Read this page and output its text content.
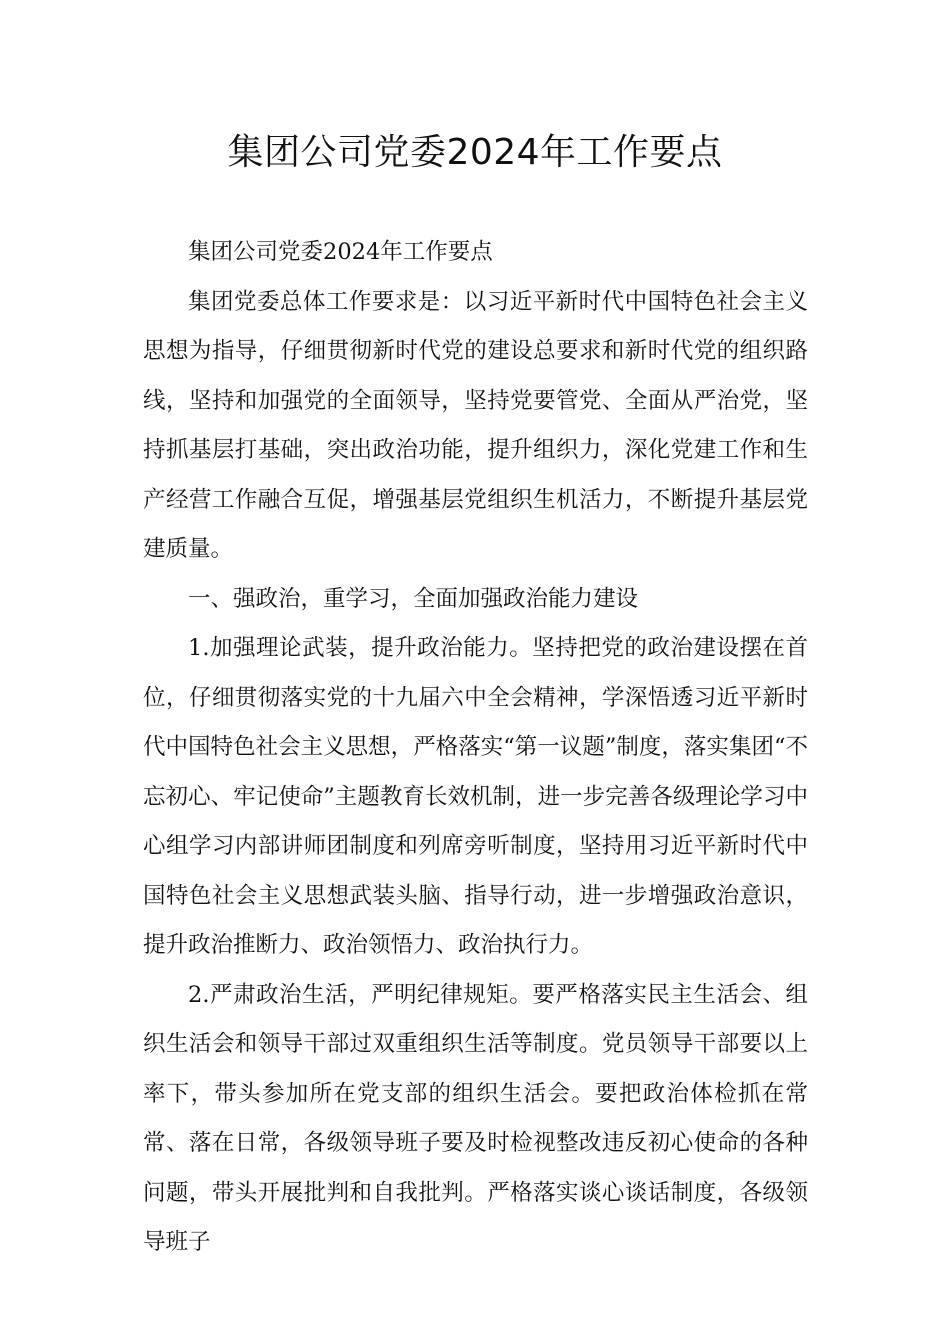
集团公司党委2024年工作要点

集团公司党委2024年工作要点

集团党委总体工作要求是：以习近平新时代中国特色社会主义思想为指导，仔细贯彻新时代党的建设总要求和新时代党的组织路线，坚持和加强党的全面领导，坚持党要管党、全面从严治党，坚持抓基层打基础，突出政治功能，提升组织力，深化党建工作和生产经营工作融合互促，增强基层党组织生机活力，不断提升基层党建质量。

一、强政治，重学习，全面加强政治能力建设

1.加强理论武装，提升政治能力。坚持把党的政治建设摆在首位，仔细贯彻落实党的十九届六中全会精神，学深悟透习近平新时代中国特色社会主义思想，严格落实“第一议题”制度，落实集团“不忘初心、牢记使命”主题教育长效机制，进一步完善各级理论学习中心组学习内部讲师团制度和列席旁听制度，坚持用习近平新时代中国特色社会主义思想武装头脑、指导行动，进一步增强政治意识，提升政治推断力、政治领悟力、政治执行力。

2.严肃政治生活，严明纪律规矩。要严格落实民主生活会、组织生活会和领导干部过双重组织生活等制度。党员领导干部要以上率下，带头参加所在党支部的组织生活会。要把政治体检抓在常常、落在日常，各级领导班子要及时检视整改违反初心使命的各种问题，带头开展批判和自我批判。严格落实谈心谈话制度，各级领导班子
